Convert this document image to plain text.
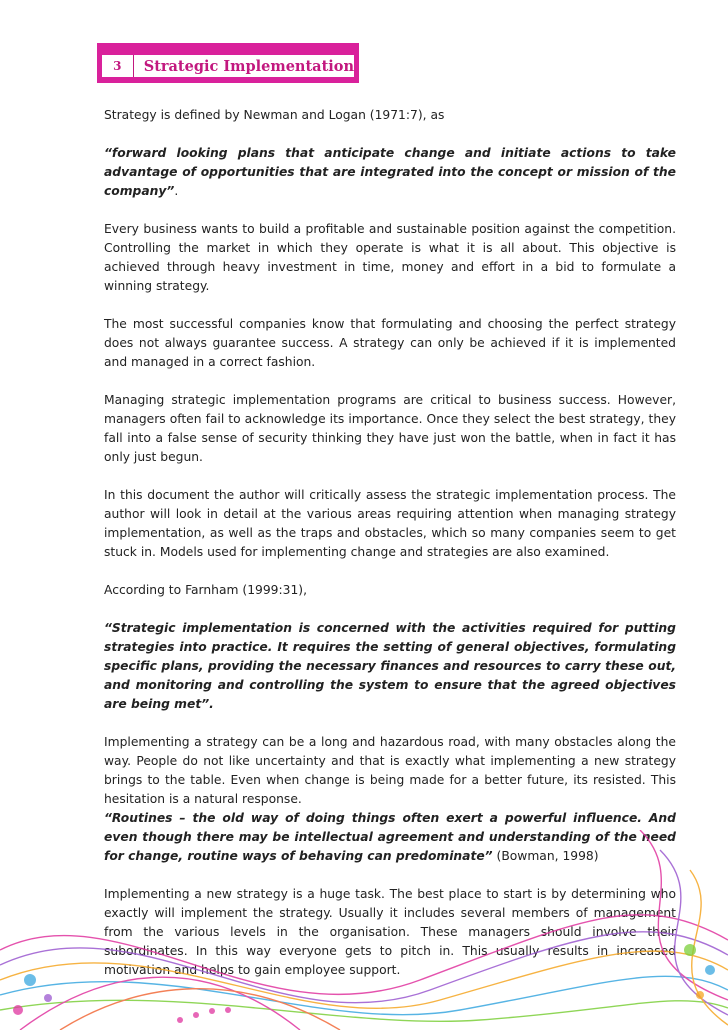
3	Strategic Implementation

Strategy is defined by Newman and Logan (1971:7), as

“forward looking plans that anticipate change and initiate actions to take advantage of opportunities that are integrated into the concept or mission of the company”.

Every business wants to build a profitable and sustainable position against the competition. Controlling the market in which they operate is what it is all about. This objective is achieved through heavy investment in time, money and effort in a bid to formulate a winning strategy.

The most successful companies know that formulating and choosing the perfect strategy does not always guarantee success. A strategy can only be achieved if it is implemented and managed in a correct fashion.

Managing strategic implementation programs are critical to business success. However, managers often fail to acknowledge its importance. Once they select the best strategy, they fall into a false sense of security thinking they have just won the battle, when in fact it has only just begun.

In this document the author will critically assess the strategic implementation process. The author will look in detail at the various areas requiring attention when managing strategy implementation, as well as the traps and obstacles, which so many companies seem to get stuck in. Models used for implementing change and strategies are also examined.

According to Farnham (1999:31),

“Strategic implementation is concerned with the activities required for putting strategies into practice. It requires the setting of general objectives, formulating specific plans, providing the necessary finances and resources to carry these out, and monitoring and controlling the system to ensure that the agreed objectives are being met”.

Implementing a strategy can be a long and hazardous road, with many obstacles along the way. People do not like uncertainty and that is exactly what implementing a new strategy brings to the table. Even when change is being made for a better future, its resisted. This hesitation is a natural response.

“Routines – the old way of doing things often exert a powerful influence. And even though there may be intellectual agreement and understanding of the need for change, routine ways of behaving can predominate” (Bowman, 1998)

Implementing a new strategy is a huge task. The best place to start is by determining who exactly will implement the strategy. Usually it includes several members of management from the various levels in the organisation. These managers should involve their subordinates. In this way everyone gets to pitch in. This usually results in increased motivation and helps to gain employee support.
